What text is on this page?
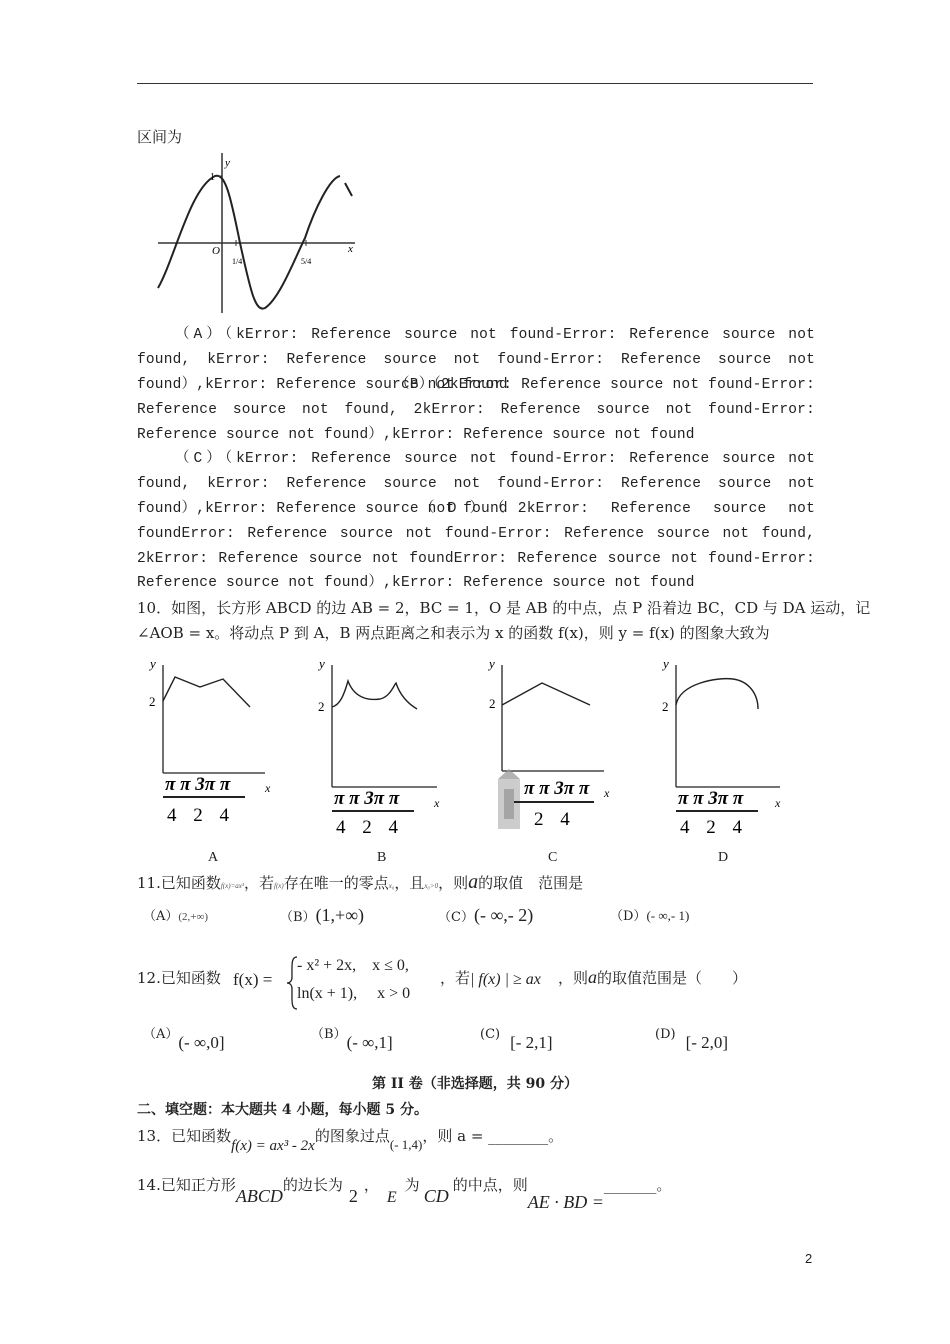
区间为
y
x
O
1
1/4	5/4
（A）（kError: Reference source not found-Error: Reference source not found, kError: Reference source not found-Error: Reference source not found）,kError: Reference source not found
（C）（kError: Reference source not found-Error: Reference source not found, kError: Reference source not found-Error: Reference source not found）,kError: Reference source not found
（B）（2kError: Reference source not found-Error: Reference source not found, 2kError: Reference source not found-Error: Reference source not found）,kError: Reference source not found
（D）（2kError: Reference source not foundError: Reference source not found-Error: Reference source not found, 2kError: Reference source not foundError: Reference source not found-Error: Reference source not found）,kError: Reference source not found
10．如图，长方形 ABCD 的边 AB = 2，BC = 1，O 是 AB 的中点，点 P 沿着边 BC，CD 与 DA 运动，记
∠AOB = x。将动点 P 到 A，B 两点距离之和表示为 x 的函数 f(x)，则 y = f(x) 的图象大致为
y
2
x
π π 3π π
4 2 4
y
2
x
π π 3π π
4 2 4
y
2
x
π π 3π π
2 4
y
2
x
π π 3π π
4 2 4
A	B	C	D
11.已知函数f(x)=ax³，若f(x)存在唯一的零点x₀，且x₀>0，则a的取值　范围是
（A）(2,+∞)	（B）(1,+∞)	（C）(- ∞,- 2)	（D）(- ∞,- 1)
12.已知函数 f(x) =
- x² + 2x,    x ≤ 0,
ln(x + 1),     x > 0
，若 | f(x) | ≥ ax ，则a的取值范围是（　　）
（A）(- ∞,0]	（B）(- ∞,1]	(C) [- 2,1]	(D) [- 2,0]
第 II 卷（非选择题，共 90 分）
二、填空题：本大题共 4 小题，每小题 5 分。
13．已知函数f(x) = ax³ - 2x的图象过点(- 1,4)，则 a = ________。
14.已知正方形ABCD的边长为2，E为CD的中点，则AE · BD =_______。
2
